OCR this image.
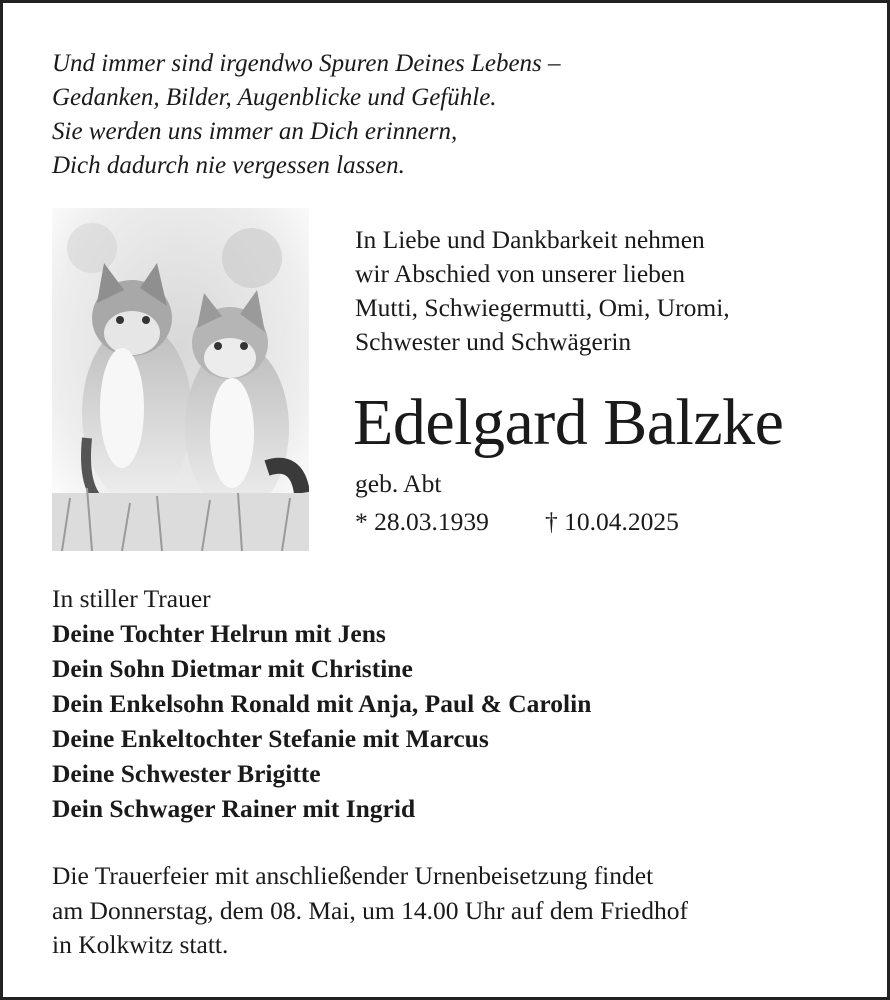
Und immer sind irgendwo Spuren Deines Lebens –
Gedanken, Bilder, Augenblicke und Gefühle.
Sie werden uns immer an Dich erinnern,
Dich dadurch nie vergessen lassen.
In Liebe und Dankbarkeit nehmen
wir Abschied von unserer lieben
Mutti, Schwiegermutti, Omi, Uromi,
Schwester und Schwägerin
Edelgard Balzke
geb. Abt
* 28.03.1939 † 10.04.2025
In stiller Trauer
Deine Tochter Helrun mit Jens
Dein Sohn Dietmar mit Christine
Dein Enkelsohn Ronald mit Anja, Paul & Carolin
Deine Enkeltochter Stefanie mit Marcus
Deine Schwester Brigitte
Dein Schwager Rainer mit Ingrid
Die Trauerfeier mit anschließender Urnenbeisetzung findet
am Donnerstag, dem 08. Mai, um 14.00 Uhr auf dem Friedhof
in Kolkwitz statt.
